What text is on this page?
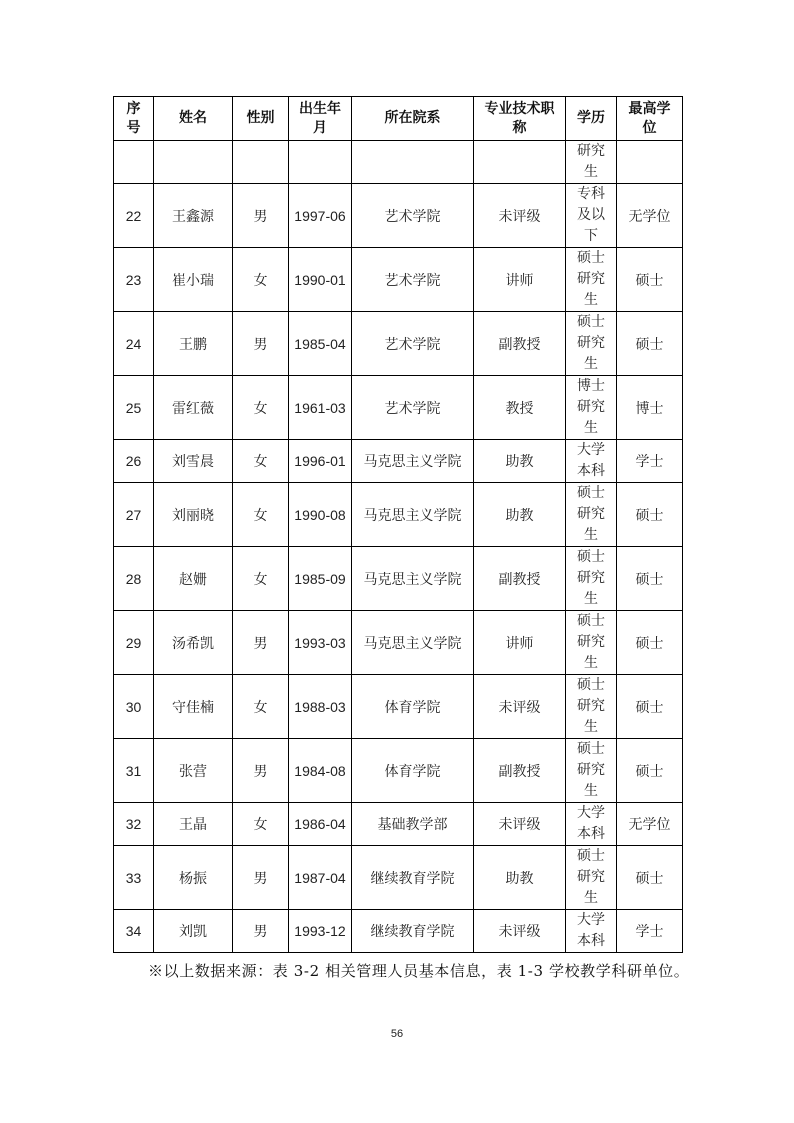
序号	姓名	性别	出生年月	所在院系	专业技术职称	学历	最高学位

						研究生	

22	王鑫源	男	1997-06	艺术学院	未评级	专科及以下	无学位
23	崔小瑞	女	1990-01	艺术学院	讲师	硕士研究生	硕士
24	王鹏	男	1985-04	艺术学院	副教授	硕士研究生	硕士
25	雷红薇	女	1961-03	艺术学院	教授	博士研究生	博士
26	刘雪晨	女	1996-01	马克思主义学院	助教	大学本科	学士
27	刘丽晓	女	1990-08	马克思主义学院	助教	硕士研究生	硕士
28	赵姗	女	1985-09	马克思主义学院	副教授	硕士研究生	硕士
29	汤希凯	男	1993-03	马克思主义学院	讲师	硕士研究生	硕士
30	守佳楠	女	1988-03	体育学院	未评级	硕士研究生	硕士
31	张营	男	1984-08	体育学院	副教授	硕士研究生	硕士
32	王晶	女	1986-04	基础教学部	未评级	大学本科	无学位
33	杨振	男	1987-04	继续教育学院	助教	硕士研究生	硕士
34	刘凯	男	1993-12	继续教育学院	未评级	大学本科	学士
※以上数据来源：表 3-2 相关管理人员基本信息，表 1-3 学校教学科研单位。
56
